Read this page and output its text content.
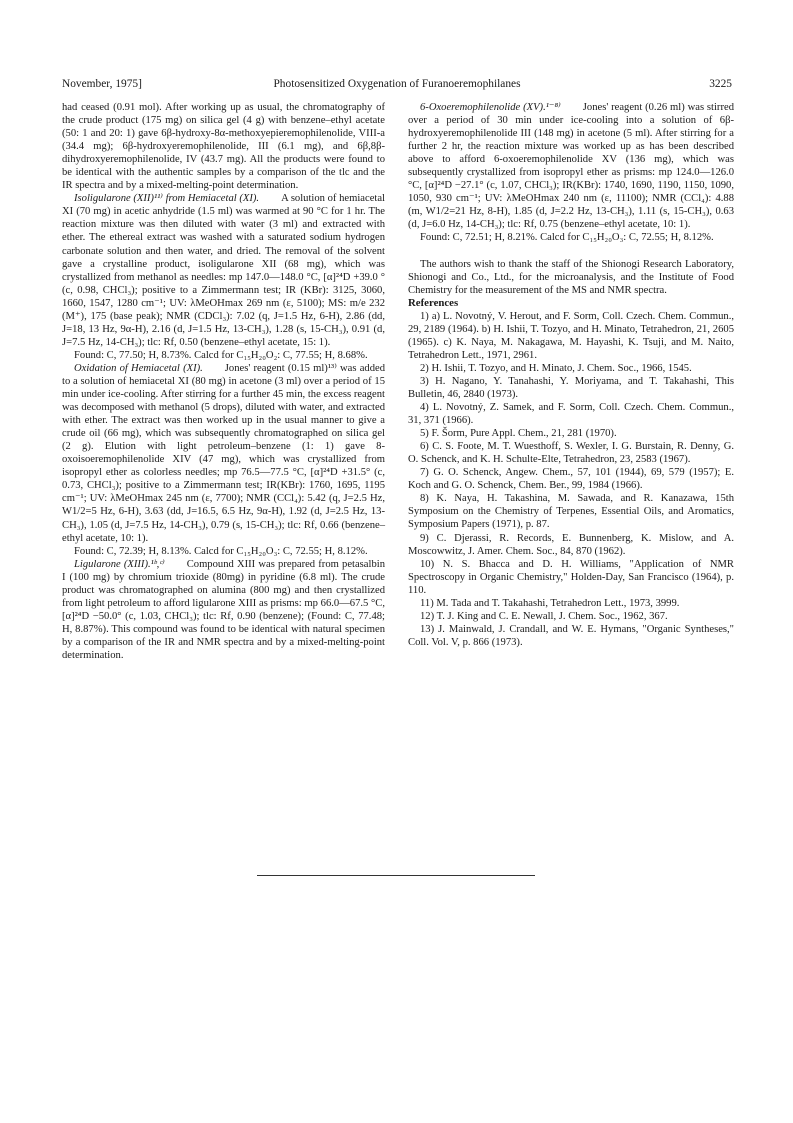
November, 1975]	Photosensitized Oxygenation of Furanoeremophilanes	3225

had ceased (0.91 mol). After working up as usual, the chromatography of the crude product (175 mg) on silica gel (4 g) with benzene–ethyl acetate (50: 1 and 20: 1) gave 6β-hydroxy-8α-methoxyepieremophilenolide, VIII-a (34.4 mg); 6β-hydroxyeremophilenolide, III (6.1 mg), and 6β,8β-dihydroxyeremophilenolide, IV (43.7 mg). All the products were found to be identical with the authentic samples by a comparison of the tlc and the IR spectra and by a mixed-melting-point determination.

Isoligularone (XII)¹¹⁾ from Hemiacetal (XI). A solution of hemiacetal XI (70 mg) in acetic anhydride (1.5 ml) was warmed at 90 °C for 1 hr. The reaction mixture was then diluted with water (3 ml) and extracted with ether. The ethereal extract was washed with a saturated sodium hydrogen carbonate solution and then water, and dried. The removal of the solvent gave a crystalline product, isoligularone XII (68 mg), which was crystallized from methanol as needles: mp 147.0—148.0 °C, [α]²⁴D +39.0 ° (c, 0.98, CHCl₃); positive to a Zimmermann test; IR (KBr): 3125, 3060, 1660, 1547, 1280 cm⁻¹; UV: λMeOHmax 269 nm (ε, 5100); MS: m/e 232 (M⁺), 175 (base peak); NMR (CDCl₃): 7.02 (q, J=1.5 Hz, 6-H), 2.86 (dd, J=18, 13 Hz, 9α-H), 2.16 (d, J=1.5 Hz, 13-CH₃), 1.28 (s, 15-CH₃), 0.91 (d, J=7.5 Hz, 14-CH₃); tlc: Rf, 0.50 (benzene–ethyl acetate, 15: 1).

Found: C, 77.50; H, 8.73%. Calcd for C₁₅H₂₀O₂: C, 77.55; H, 8.68%.

Oxidation of Hemiacetal (XI). Jones' reagent (0.15 ml)¹³⁾ was added to a solution of hemiacetal XI (80 mg) in acetone (3 ml) over a period of 15 min under ice-cooling. After stirring for a further 45 min, the excess reagent was decomposed with methanol (5 drops), diluted with water, and extracted with ether. The extract was then worked up in the usual manner to give a crude oil (66 mg), which was subsequently chromatographed on silica gel (2 g). Elution with light petroleum–benzene (1: 1) gave 8-oxoisoeremophilenolide XIV (47 mg), which was crystallized from isopropyl ether as colorless needles; mp 76.5—77.5 °C, [α]²⁴D +31.5° (c, 0.73, CHCl₃); positive to a Zimmermann test; IR(KBr): 1760, 1695, 1195 cm⁻¹; UV: λMeOHmax 245 nm (ε, 7700); NMR (CCl₄): 5.42 (q, J=2.5 Hz, W1/2=5 Hz, 6-H), 3.63 (dd, J=16.5, 6.5 Hz, 9α-H), 1.92 (d, J=2.5 Hz, 13-CH₃), 1.05 (d, J=7.5 Hz, 14-CH₃), 0.79 (s, 15-CH₃); tlc: Rf, 0.66 (benzene–ethyl acetate, 10: 1).

Found: C, 72.39; H, 8.13%. Calcd for C₁₅H₂₀O₃: C, 72.55; H, 8.12%.

Ligularone (XIII).¹ᵇ,ᶜ⁾ Compound XIII was prepared from petasalbin I (100 mg) by chromium trioxide (80mg) in pyridine (6.8 ml). The crude product was chromatographed on alumina (800 mg) and then crystallized from light petroleum to afford ligularone XIII as prisms: mp 66.0—67.5 °C, [α]²⁴D −50.0° (c, 1.03, CHCl₃); tlc: Rf, 0.90 (benzene); (Found: C, 77.48; H, 8.87%). This compound was found to be identical with natural specimen by a comparison of the IR and NMR spectra and by a mixed-melting-point determination.

6-Oxoeremophilenolide (XV).¹⁻⁸⁾ Jones' reagent (0.26 ml) was stirred over a period of 30 min under ice-cooling into a solution of 6β-hydroxyeremophilenolide III (148 mg) in acetone (5 ml). After stirring for a further 2 hr, the reaction mixture was worked up as has been described above to afford 6-oxoeremophilenolide XV (136 mg), which was subsequently crystallized from isopropyl ether as prisms: mp 124.0—126.0 °C, [α]²⁴D −27.1° (c, 1.07, CHCl₃); IR(KBr): 1740, 1690, 1190, 1150, 1090, 1050, 930 cm⁻¹; UV: λMeOHmax 240 nm (ε, 11100); NMR (CCl₄): 4.88 (m, W1/2=21 Hz, 8-H), 1.85 (d, J=2.2 Hz, 13-CH₃), 1.11 (s, 15-CH₃), 0.63 (d, J=6.0 Hz, 14-CH₃); tlc: Rf, 0.75 (benzene–ethyl acetate, 10: 1).

Found: C, 72.51; H, 8.21%. Calcd for C₁₅H₂₀O₃: C, 72.55; H, 8.12%.

The authors wish to thank the staff of the Shionogi Research Laboratory, Shionogi and Co., Ltd., for the microanalysis, and the Institute of Food Chemistry for the measurement of the MS and NMR spectra.

References

1) a) L. Novotný, V. Herout, and F. Sorm, Coll. Czech. Chem. Commun., 29, 2189 (1964). b) H. Ishii, T. Tozyo, and H. Minato, Tetrahedron, 21, 2605 (1965). c) K. Naya, M. Nakagawa, M. Hayashi, K. Tsuji, and M. Naito, Tetrahedron Lett., 1971, 2961.

2) H. Ishii, T. Tozyo, and H. Minato, J. Chem. Soc., 1966, 1545.

3) H. Nagano, Y. Tanahashi, Y. Moriyama, and T. Takahashi, This Bulletin, 46, 2840 (1973).

4) L. Novotný, Z. Samek, and F. Sorm, Coll. Czech. Chem. Commun., 31, 371 (1966).

5) F. Šorm, Pure Appl. Chem., 21, 281 (1970).

6) C. S. Foote, M. T. Wuesthoff, S. Wexler, I. G. Burstain, R. Denny, G. O. Schenck, and K. H. Schulte-Elte, Tetrahedron, 23, 2583 (1967).

7) G. O. Schenck, Angew. Chem., 57, 101 (1944), 69, 579 (1957); E. Koch and G. O. Schenck, Chem. Ber., 99, 1984 (1966).

8) K. Naya, H. Takashina, M. Sawada, and R. Kanazawa, 15th Symposium on the Chemistry of Terpenes, Essential Oils, and Aromatics, Symposium Papers (1971), p. 87.

9) C. Djerassi, R. Records, E. Bunnenberg, K. Mislow, and A. Moscowwitz, J. Amer. Chem. Soc., 84, 870 (1962).

10) N. S. Bhacca and D. H. Williams, "Application of NMR Spectroscopy in Organic Chemistry," Holden-Day, San Francisco (1964), p. 110.

11) M. Tada and T. Takahashi, Tetrahedron Lett., 1973, 3999.

12) T. J. King and C. E. Newall, J. Chem. Soc., 1962, 367.

13) J. Mainwald, J. Crandall, and W. E. Hymans, "Organic Syntheses," Coll. Vol. V, p. 866 (1973).
